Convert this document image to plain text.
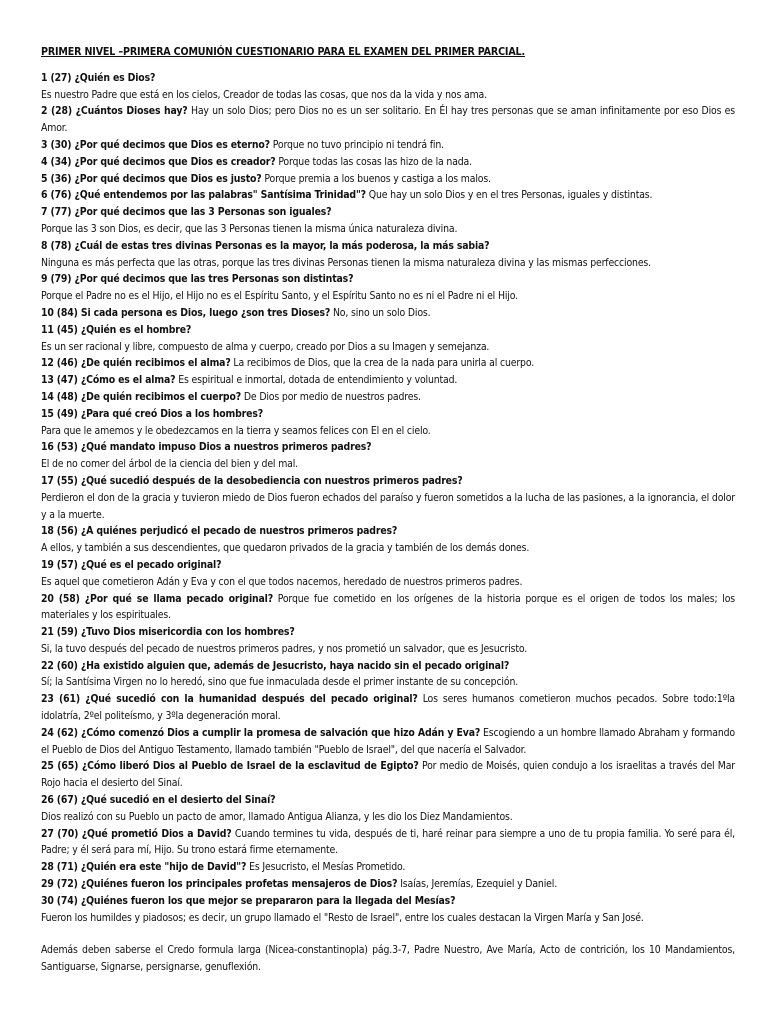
PRIMER NIVEL –PRIMERA COMUNIÓN CUESTIONARIO PARA EL EXAMEN DEL PRIMER PARCIAL.
1 (27) ¿Quién es Dios?
Es nuestro Padre que está en los cielos, Creador de todas las cosas, que nos da la vida y nos ama.
2 (28) ¿Cuántos Dioses hay? Hay un solo Dios; pero Dios no es un ser solitario. En Él hay tres personas que se aman infinitamente por eso Dios es Amor.
3 (30) ¿Por qué decimos que Dios es eterno? Porque no tuvo principio ni tendrá fin.
4 (34) ¿Por qué decimos que Dios es creador? Porque todas las cosas las hizo de la nada.
5 (36) ¿Por qué decimos que Dios es justo? Porque premia a los buenos y castiga a los malos.
6 (76) ¿Qué entendemos por las palabras" Santísima Trinidad"? Que hay un solo Dios y en el tres Personas, iguales y distintas.
7 (77) ¿Por qué decimos que las 3 Personas son iguales?
Porque las 3 son Dios, es decir, que las 3 Personas tienen la misma única naturaleza divina.
8 (78) ¿Cuál de estas tres divinas Personas es la mayor, la más poderosa, la más sabia?
Ninguna es más perfecta que las otras, porque las tres divinas Personas tienen la misma naturaleza divina y las mismas perfecciones.
9 (79) ¿Por qué decimos que las tres Personas son distintas?
Porque el Padre no es el Hijo, el Hijo no es el Espíritu Santo, y el Espíritu Santo no es ni el Padre ni el Hijo.
10 (84) Si cada persona es Dios, luego ¿son tres Dioses? No, sino un solo Dios.
11 (45) ¿Quién es el hombre?
Es un ser racional y libre, compuesto de alma y cuerpo, creado por Dios a su Imagen y semejanza.
12 (46) ¿De quién recibimos el alma? La recibimos de Dios, que la crea de la nada para unirla al cuerpo.
13 (47) ¿Cómo es el alma? Es espiritual e inmortal, dotada de entendimiento y voluntad.
14 (48) ¿De quién recibimos el cuerpo? De Dios por medio de nuestros padres.
15 (49) ¿Para qué creó Dios a los hombres?
Para que le amemos y le obedezcamos en la tierra y seamos felices con El en el cielo.
16 (53) ¿Qué mandato impuso Dios a nuestros primeros padres?
El de no comer del árbol de la ciencia del bien y del mal.
17 (55) ¿Qué sucedió después de la desobediencia con nuestros primeros padres?
Perdieron el don de la gracia y tuvieron miedo de Dios fueron echados del paraíso y fueron sometidos a la lucha de las pasiones, a la ignorancia, el dolor y a la muerte.
18 (56) ¿A quiénes perjudicó el pecado de nuestros primeros padres?
A ellos, y también a sus descendientes, que quedaron privados de la gracia y también de los demás dones.
19 (57) ¿Qué es el pecado original?
Es aquel que cometieron Adán y Eva y con el que todos nacemos, heredado de nuestros primeros padres.
20 (58) ¿Por qué se llama pecado original? Porque fue cometido en los orígenes de la historia porque es el origen de todos los males; los materiales y los espirituales.
21 (59) ¿Tuvo Dios misericordia con los hombres?
Si, la tuvo después del pecado de nuestros primeros padres, y nos prometió un salvador, que es Jesucristo.
22 (60) ¿Ha existido alguien que, además de Jesucristo, haya nacido sin el pecado original?
Sí; la Santísima Virgen no lo heredó, sino que fue inmaculada desde el primer instante de su concepción.
23 (61) ¿Qué sucedió con la humanidad después del pecado original? Los seres humanos cometieron muchos pecados. Sobre todo:1ºla idolatría, 2ºel politeísmo, y 3ºla degeneración moral.
24 (62) ¿Cómo comenzó Dios a cumplir la promesa de salvación que hizo Adán y Eva? Escogiendo a un hombre llamado Abraham y formando el Pueblo de Dios del Antiguo Testamento, llamado también "Pueblo de Israel", del que nacería el Salvador.
25 (65) ¿Cómo liberó Dios al Pueblo de Israel de la esclavitud de Egipto? Por medio de Moisés, quien condujo a los israelitas a través del Mar Rojo hacia el desierto del Sinaí.
26 (67) ¿Qué sucedió en el desierto del Sinaí?
Dios realizó con su Pueblo un pacto de amor, llamado Antigua Alianza, y les dio los Diez Mandamientos.
27 (70) ¿Qué prometió Dios a David? Cuando termines tu vida, después de ti, haré reinar para siempre a uno de tu propia familia. Yo seré para él, Padre; y él será para mí, Hijo. Su trono estará firme eternamente.
28 (71) ¿Quién era este "hijo de David"? Es Jesucristo, el Mesías Prometido.
29 (72) ¿Quiénes fueron los principales profetas mensajeros de Dios? Isaías, Jeremías, Ezequiel y Daniel.
30 (74) ¿Quiénes fueron los que mejor se prepararon para la llegada del Mesías?
Fueron los humildes y piadosos; es decir, un grupo llamado el "Resto de Israel", entre los cuales destacan la Virgen María y San José.
Además deben saberse el Credo formula larga (Nicea-constantinopla) pág.3-7, Padre Nuestro, Ave María, Acto de contrición, los 10 Mandamientos, Santiguarse, Signarse, persignarse, genuflexión.
